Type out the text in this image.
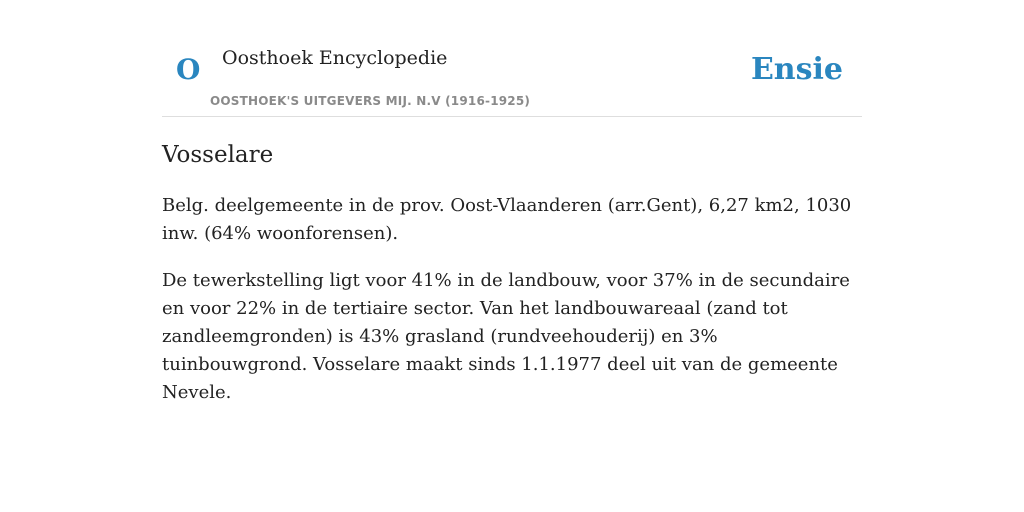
O Oosthoek Encyclopedie
OOSTHOEK'S UITGEVERS MIJ. N.V (1916-1925)
Ensie
Vosselare

Belg. deelgemeente in de prov. Oost-Vlaanderen (arr.Gent), 6,27 km2, 1030 inw. (64% woonforensen).

De tewerkstelling ligt voor 41% in de landbouw, voor 37% in de secundaire en voor 22% in de tertiaire sector. Van het landbouwareaal (zand tot zandleemgronden) is 43% grasland (rundveehouderij) en 3% tuinbouwgrond. Vosselare maakt sinds 1.1.1977 deel uit van de gemeente Nevele.
